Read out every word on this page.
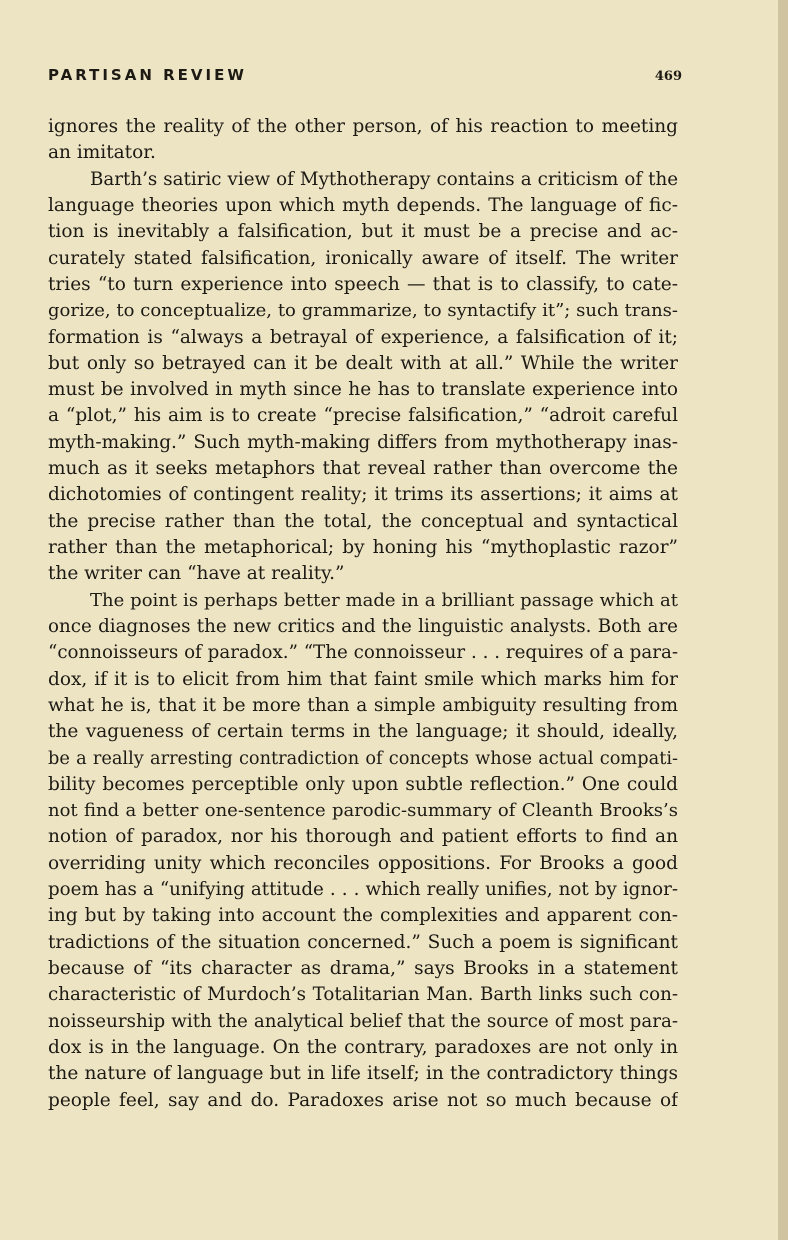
PARTISAN REVIEW	469
ignores the reality of the other person, of his reaction to meeting
an imitator.
Barth’s satiric view of Mythotherapy contains a criticism of the
language theories upon which myth depends. The language of fic-
tion is inevitably a falsification, but it must be a precise and ac-
curately stated falsification, ironically aware of itself. The writer
tries “to turn experience into speech — that is to classify, to cate-
gorize, to conceptualize, to grammarize, to syntactify it”; such trans-
formation is “always a betrayal of experience, a falsification of it;
but only so betrayed can it be dealt with at all.” While the writer
must be involved in myth since he has to translate experience into
a “plot,” his aim is to create “precise falsification,” “adroit careful
myth-making.” Such myth-making differs from mythotherapy inas-
much as it seeks metaphors that reveal rather than overcome the
dichotomies of contingent reality; it trims its assertions; it aims at
the precise rather than the total, the conceptual and syntactical
rather than the metaphorical; by honing his “mythoplastic razor”
the writer can “have at reality.”
The point is perhaps better made in a brilliant passage which at
once diagnoses the new critics and the linguistic analysts. Both are
“connoisseurs of paradox.” “The connoisseur . . . requires of a para-
dox, if it is to elicit from him that faint smile which marks him for
what he is, that it be more than a simple ambiguity resulting from
the vagueness of certain terms in the language; it should, ideally,
be a really arresting contradiction of concepts whose actual compati-
bility becomes perceptible only upon subtle reflection.” One could
not find a better one-sentence parodic-summary of Cleanth Brooks’s
notion of paradox, nor his thorough and patient efforts to find an
overriding unity which reconciles oppositions. For Brooks a good
poem has a “unifying attitude . . . which really unifies, not by ignor-
ing but by taking into account the complexities and apparent con-
tradictions of the situation concerned.” Such a poem is significant
because of “its character as drama,” says Brooks in a statement
characteristic of Murdoch’s Totalitarian Man. Barth links such con-
noisseurship with the analytical belief that the source of most para-
dox is in the language. On the contrary, paradoxes are not only in
the nature of language but in life itself; in the contradictory things
people feel, say and do. Paradoxes arise not so much because of
